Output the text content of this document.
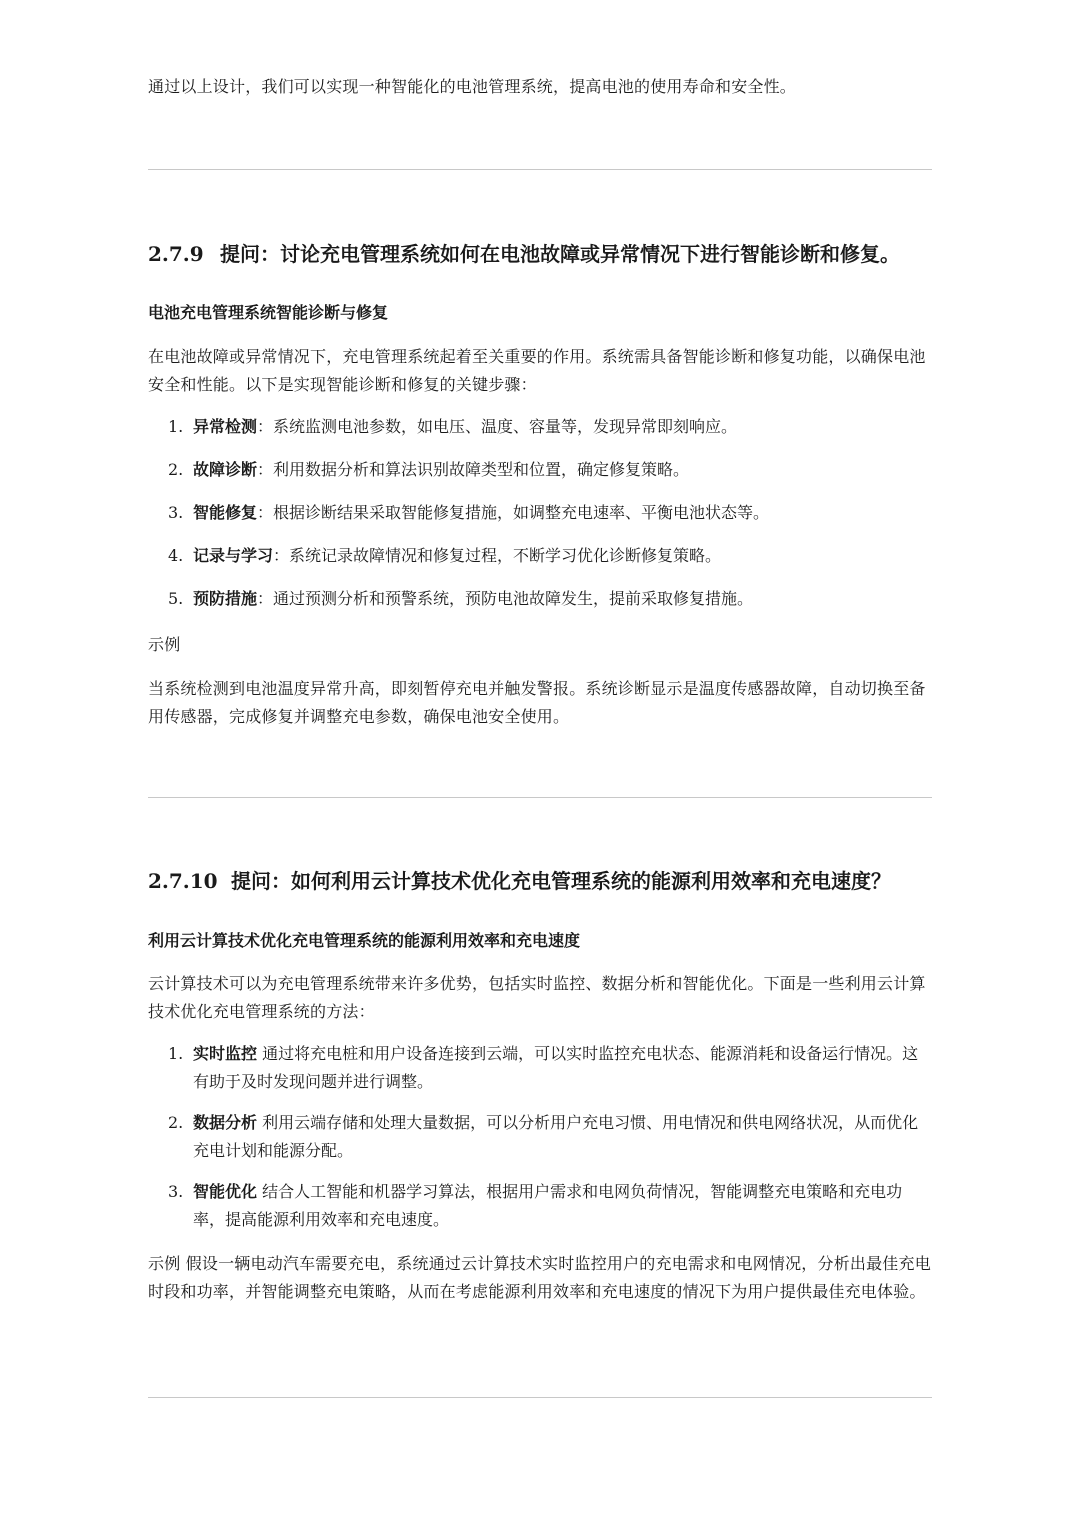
通过以上设计，我们可以实现一种智能化的电池管理系统，提高电池的使用寿命和安全性。

2.7.9 提问：讨论充电管理系统如何在电池故障或异常情况下进行智能诊断和修复。
电池充电管理系统智能诊断与修复

在电池故障或异常情况下，充电管理系统起着至关重要的作用。系统需具备智能诊断和修复功能，以确保电池安全和性能。以下是实现智能诊断和修复的关键步骤：

1. 异常检测：系统监测电池参数，如电压、温度、容量等，发现异常即刻响应。
2. 故障诊断：利用数据分析和算法识别故障类型和位置，确定修复策略。
3. 智能修复：根据诊断结果采取智能修复措施，如调整充电速率、平衡电池状态等。
4. 记录与学习：系统记录故障情况和修复过程，不断学习优化诊断修复策略。
5. 预防措施：通过预测分析和预警系统，预防电池故障发生，提前采取修复措施。

示例

当系统检测到电池温度异常升高，即刻暂停充电并触发警报。系统诊断显示是温度传感器故障，自动切换至备用传感器，完成修复并调整充电参数，确保电池安全使用。

2.7.10 提问：如何利用云计算技术优化充电管理系统的能源利用效率和充电速度？
利用云计算技术优化充电管理系统的能源利用效率和充电速度

云计算技术可以为充电管理系统带来许多优势，包括实时监控、数据分析和智能优化。下面是一些利用云计算技术优化充电管理系统的方法：

1. 实时监控 通过将充电桩和用户设备连接到云端，可以实时监控充电状态、能源消耗和设备运行情况。这有助于及时发现问题并进行调整。
2. 数据分析 利用云端存储和处理大量数据，可以分析用户充电习惯、用电情况和供电网络状况，从而优化充电计划和能源分配。
3. 智能优化 结合人工智能和机器学习算法，根据用户需求和电网负荷情况，智能调整充电策略和充电功率，提高能源利用效率和充电速度。

示例 假设一辆电动汽车需要充电，系统通过云计算技术实时监控用户的充电需求和电网情况，分析出最佳充电时段和功率，并智能调整充电策略，从而在考虑能源利用效率和充电速度的情况下为用户提供最佳充电体验。
